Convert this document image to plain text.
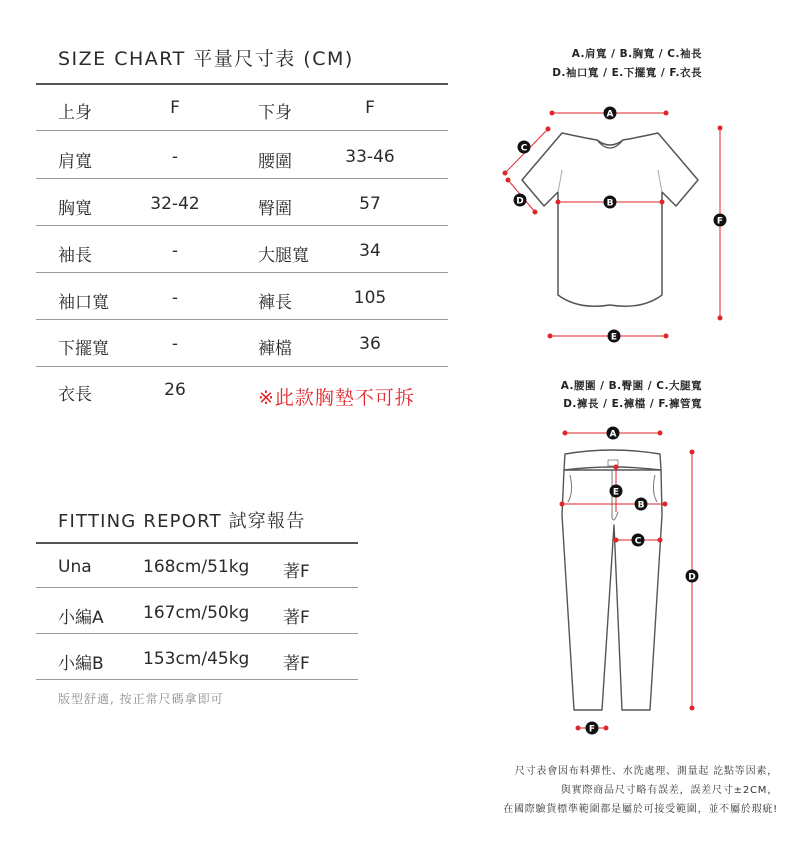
SIZE CHART 平量尺寸表 (CM)
上身	F	下身	F
肩寬	-	腰圍	33-46
胸寬	32-42	臀圍	57
袖長	-	大腿寬	34
袖口寬	-	褲長	105
下擺寬	-	褲檔	36
衣長	26	※此款胸墊不可拆
FITTING REPORT 試穿報告
Una	168cm/51kg 著F
小編A 167cm/50kg 著F
小編B 153cm/45kg 著F
版型舒適, 按正常尺碼拿即可
A.肩寬 / B.胸寬 / C.袖長
D.袖口寬 / E.下擺寬 / F.衣長
A
C
D	B
F
E
A.腰圍 / B.臀圍 / C.大腿寬
D.褲長 / E.褲檔 / F.褲管寬
A
E
B
C
D
F
尺寸表會因布料彈性、水洗處理、測量起 訖點等因素，
與實際商品尺寸略有誤差，誤差尺寸±2CM，
在國際驗貨標準範圍都是屬於可接受範圍，並不屬於瑕疵!
